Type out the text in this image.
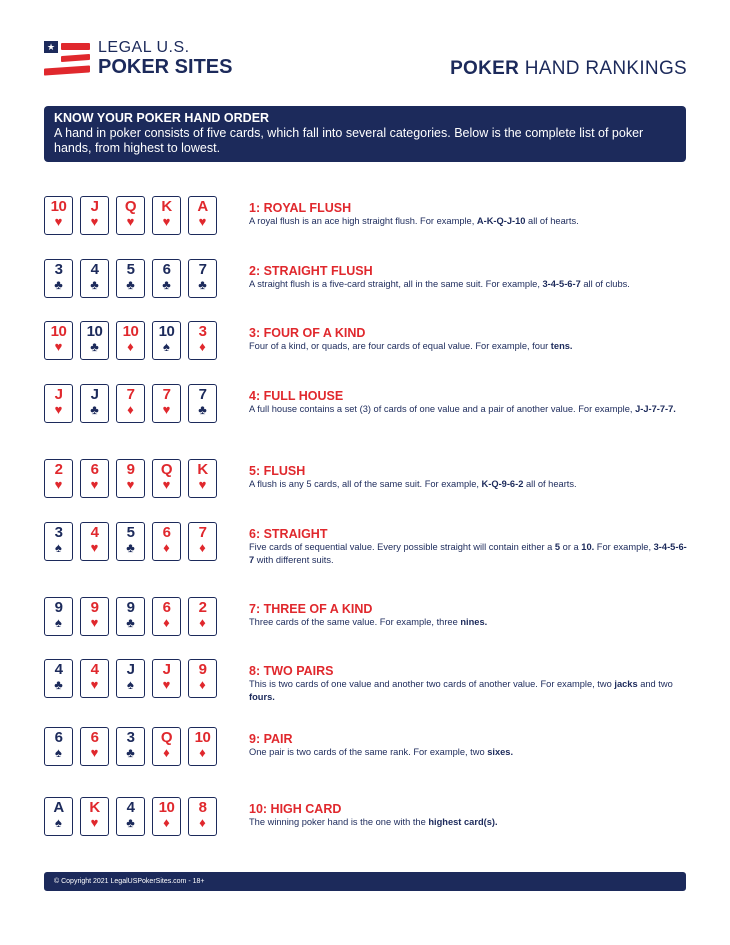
★	LEGAL U.S.
POKER SITES	POKER HAND RANKINGS
KNOW YOUR POKER HAND ORDER
A hand in poker consists of five cards, which fall into several categories. Below is the complete list of poker hands, from highest to lowest.
10
♥
J
♥
Q
♥
K
♥
A
♥
1: ROYAL FLUSH
A royal flush is an ace high straight flush. For example, A-K-Q-J-10 all of hearts.
3
♣
4
♣
5
♣
6
♣
7
♣
2: STRAIGHT FLUSH
A straight flush is a five-card straight, all in the same suit. For example, 3-4-5-6-7 all of clubs.
10
♥
10
♣
10
♦
10
♠
3
♦
3: FOUR OF A KIND
Four of a kind, or quads, are four cards of equal value. For example, four tens.
J
♥
J
♣
7
♦
7
♥
7
♣
4: FULL HOUSE
A full house contains a set (3) of cards of one value and a pair of another value. For example, J-J-7-7-7.
2
♥
6
♥
9
♥
Q
♥
K
♥
5: FLUSH
A flush is any 5 cards, all of the same suit. For example, K-Q-9-6-2 all of hearts.
3
♠
4
♥
5
♣
6
♦
7
♦
6: STRAIGHT
Five cards of sequential value. Every possible straight will contain either a 5 or a 10. For example, 3-4-5-6-7 with different suits.
9
♠
9
♥
9
♣
6
♦
2
♦
7: THREE OF A KIND
Three cards of the same value. For example, three nines.
4
♣
4
♥
J
♠
J
♥
9
♦
8: TWO PAIRS
This is two cards of one value and another two cards of another value. For example, two jacks and two fours.
6
♠
6
♥
3
♣
Q
♦
10
♦
9: PAIR
One pair is two cards of the same rank. For example, two sixes.
A
♠
K
♥
4
♣
10
♦
8
♦
10: HIGH CARD
The winning poker hand is the one with the highest card(s).
© Copyright 2021 LegalUSPokerSites.com - 18+
